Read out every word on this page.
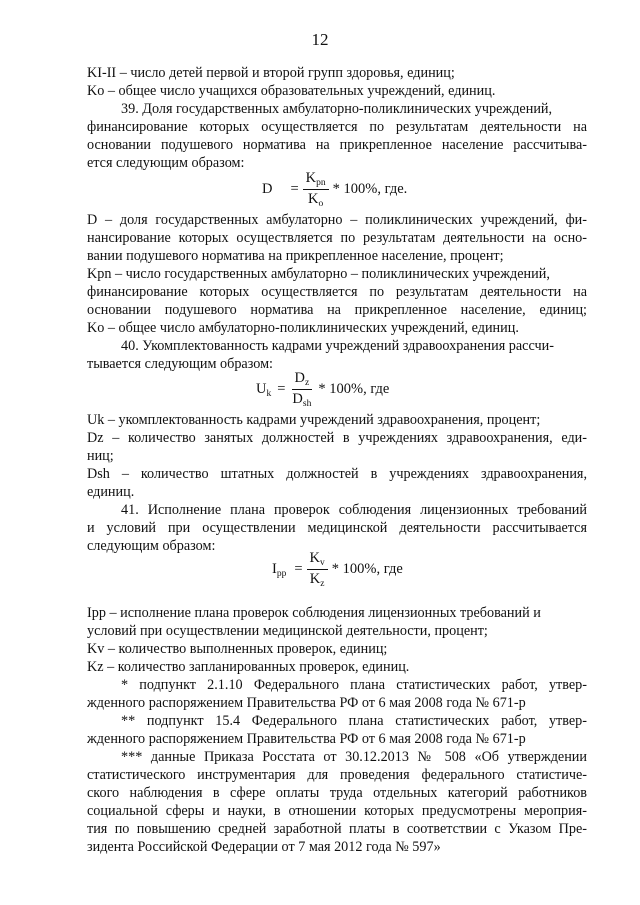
12
KI-II – число детей первой и второй групп здоровья, единиц;
Ko – общее число учащихся образовательных учреждений, единиц.
39. Доля государственных амбулаторно-поликлинических учреждений,
финансирование которых осуществляется по результатам деятельности на
основании подушевого норматива на прикрепленное население рассчитыва-
ется следующим образом:
$D = \frac{K_{pn}}{K_o} * 100\%$, где.
D – доля государственных амбулаторно – поликлинических учреждений, фи-
нансирование которых осуществляется по результатам деятельности на осно-
вании подушевого норматива на прикрепленное население, процент;
Kpn – число государственных амбулаторно – поликлинических учреждений,
финансирование которых осуществляется по результатам деятельности на
основании подушевого норматива на прикрепленное население, единиц;
Ko – общее число амбулаторно-поликлинических учреждений, единиц.
40. Укомплектованность кадрами учреждений здравоохранения рассчи-
тывается следующим образом:
$U_k = \frac{D_z}{D_{sh}} * 100\%$, где
Uk – укомплектованность кадрами учреждений здравоохранения, процент;
Dz – количество занятых должностей в учреждениях здравоохранения, еди-
ниц;
Dsh – количество штатных должностей в учреждениях здравоохранения,
единиц.
41. Исполнение плана проверок соблюдения лицензионных требований
и условий при осуществлении медицинской деятельности рассчитывается
следующим образом:
$I_{pp} = \frac{K_v}{K_z} * 100\%$, где
Ipp – исполнение плана проверок соблюдения лицензионных требований и
условий при осуществлении медицинской деятельности, процент;
Kv – количество выполненных проверок, единиц;
Kz – количество запланированных проверок, единиц.
* подпункт 2.1.10 Федерального плана статистических работ, утвер-
жденного распоряжением Правительства РФ от 6 мая 2008 года № 671-р
** подпункт 15.4 Федерального плана статистических работ, утвер-
жденного распоряжением Правительства РФ от 6 мая 2008 года № 671-р
*** данные Приказа Росстата от 30.12.2013 № 508 «Об утверждении
статистического инструментария для проведения федерального статистиче-
ского наблюдения в сфере оплаты труда отдельных категорий работников
социальной сферы и науки, в отношении которых предусмотрены мероприя-
тия по повышению средней заработной платы в соответствии с Указом Пре-
зидента Российской Федерации от 7 мая 2012 года № 597»
